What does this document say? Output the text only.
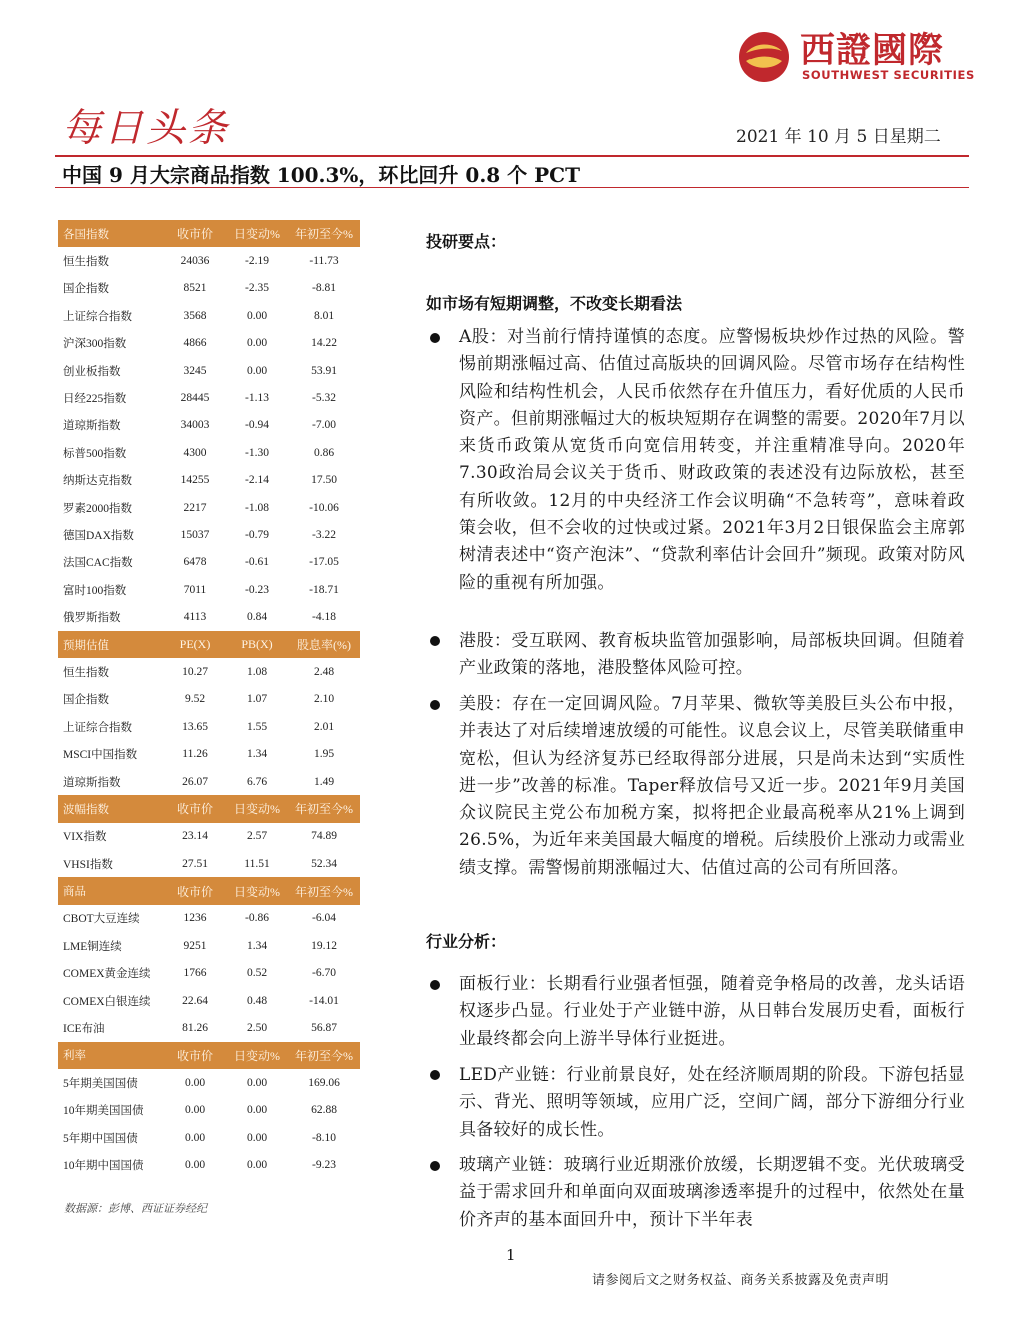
西證國際
SOUTHWEST SECURITIES
每日头条	2021 年 10 月 5 日星期二
中国 9 月大宗商品指数 100.3%，环比回升 0.8 个 PCT
各国指数	收市价	日变动%	年初至今%
恒生指数	24036	-2.19	-11.73
国企指数	8521	-2.35	-8.81
上证综合指数	3568	0.00	8.01
沪深300指数	4866	0.00	14.22
创业板指数	3245	0.00	53.91
日经225指数	28445	-1.13	-5.32
道琼斯指数	34003	-0.94	-7.00
标普500指数	4300	-1.30	0.86
纳斯达克指数	14255	-2.14	17.50
罗素2000指数	2217	-1.08	-10.06
德国DAX指数	15037	-0.79	-3.22
法国CAC指数	6478	-0.61	-17.05
富时100指数	7011	-0.23	-18.71
俄罗斯指数	4113	0.84	-4.18
预期估值	PE(X)	PB(X)	股息率(%)
恒生指数	10.27	1.08	2.48
国企指数	9.52	1.07	2.10
上证综合指数	13.65	1.55	2.01
MSCI中国指数	11.26	1.34	1.95
道琼斯指数	26.07	6.76	1.49
波幅指数	收市价	日变动%	年初至今%
VIX指数	23.14	2.57	74.89
VHSI指数	27.51	11.51	52.34
商品	收市价	日变动%	年初至今%
CBOT大豆连续	1236	-0.86	-6.04
LME铜连续	9251	1.34	19.12
COMEX黄金连续	1766	0.52	-6.70
COMEX白银连续	22.64	0.48	-14.01
ICE布油	81.26	2.50	56.87
利率	收市价	日变动%	年初至今%
5年期美国国债	0.00	0.00	169.06
10年期美国国债	0.00	0.00	62.88
5年期中国国债	0.00	0.00	-8.10
10年期中国国债	0.00	0.00	-9.23
数据源：彭博、西证证券经纪
投研要点：
如市场有短期调整，不改变长期看法
A股：对当前行情持谨慎的态度。应警惕板块炒作过热的风险。警惕前期涨幅过高、估值过高版块的回调风险。尽管市场存在结构性风险和结构性机会，人民币依然存在升值压力，看好优质的人民币资产。但前期涨幅过大的板块短期存在调整的需要。2020年7月以来货币政策从宽货币向宽信用转变，并注重精准导向。2020年7.30政治局会议关于货币、财政政策的表述没有边际放松，甚至有所收敛。12月的中央经济工作会议明确“不急转弯”，意味着政策会收，但不会收的过快或过紧。2021年3月2日银保监会主席郭树清表述中“资产泡沫”、“贷款利率估计会回升”频现。政策对防风险的重视有所加强。
港股：受互联网、教育板块监管加强影响，局部板块回调。但随着产业政策的落地，港股整体风险可控。
美股：存在一定回调风险。7月苹果、微软等美股巨头公布中报，并表达了对后续增速放缓的可能性。议息会议上，尽管美联储重申宽松，但认为经济复苏已经取得部分进展，只是尚未达到“实质性进一步”改善的标准。Taper释放信号又近一步。2021年9月美国众议院民主党公布加税方案，拟将把企业最高税率从21%上调到26.5%，为近年来美国最大幅度的增税。后续股价上涨动力或需业绩支撑。需警惕前期涨幅过大、估值过高的公司有所回落。
行业分析：
面板行业：长期看行业强者恒强，随着竞争格局的改善，龙头话语权逐步凸显。行业处于产业链中游，从日韩台发展历史看，面板行业最终都会向上游半导体行业挺进。
LED产业链：行业前景良好，处在经济顺周期的阶段。下游包括显示、背光、照明等领域，应用广泛，空间广阔，部分下游细分行业具备较好的成长性。
玻璃产业链：玻璃行业近期涨价放缓，长期逻辑不变。光伏玻璃受益于需求回升和单面向双面玻璃渗透率提升的过程中，依然处在量价齐声的基本面回升中，预计下半年表
1
请参阅后文之财务权益、商务关系披露及免责声明
